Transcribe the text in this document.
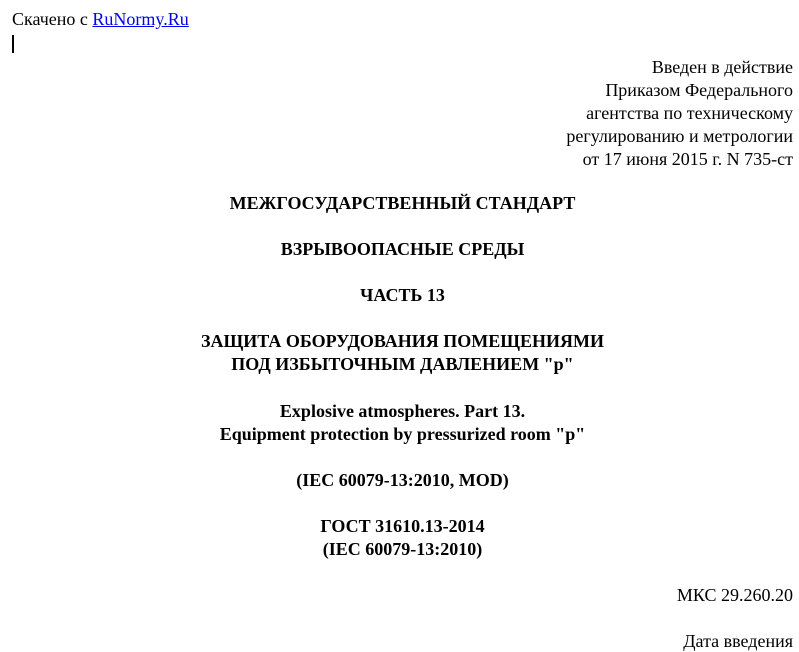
Скачено с RuNormy.Ru
Введен в действие
Приказом Федерального
агентства по техническому
регулированию и метрологии
от 17 июня 2015 г. N 735-ст
МЕЖГОСУДАРСТВЕННЫЙ СТАНДАРТ
ВЗРЫВООПАСНЫЕ СРЕДЫ
ЧАСТЬ 13
ЗАЩИТА ОБОРУДОВАНИЯ ПОМЕЩЕНИЯМИ
ПОД ИЗБЫТОЧНЫМ ДАВЛЕНИЕМ "p"
Explosive atmospheres. Part 13.
Equipment protection by pressurized room "p"
(IEC 60079-13:2010, MOD)
ГОСТ 31610.13-2014
(IEC 60079-13:2010)
МКС 29.260.20
Дата введения
